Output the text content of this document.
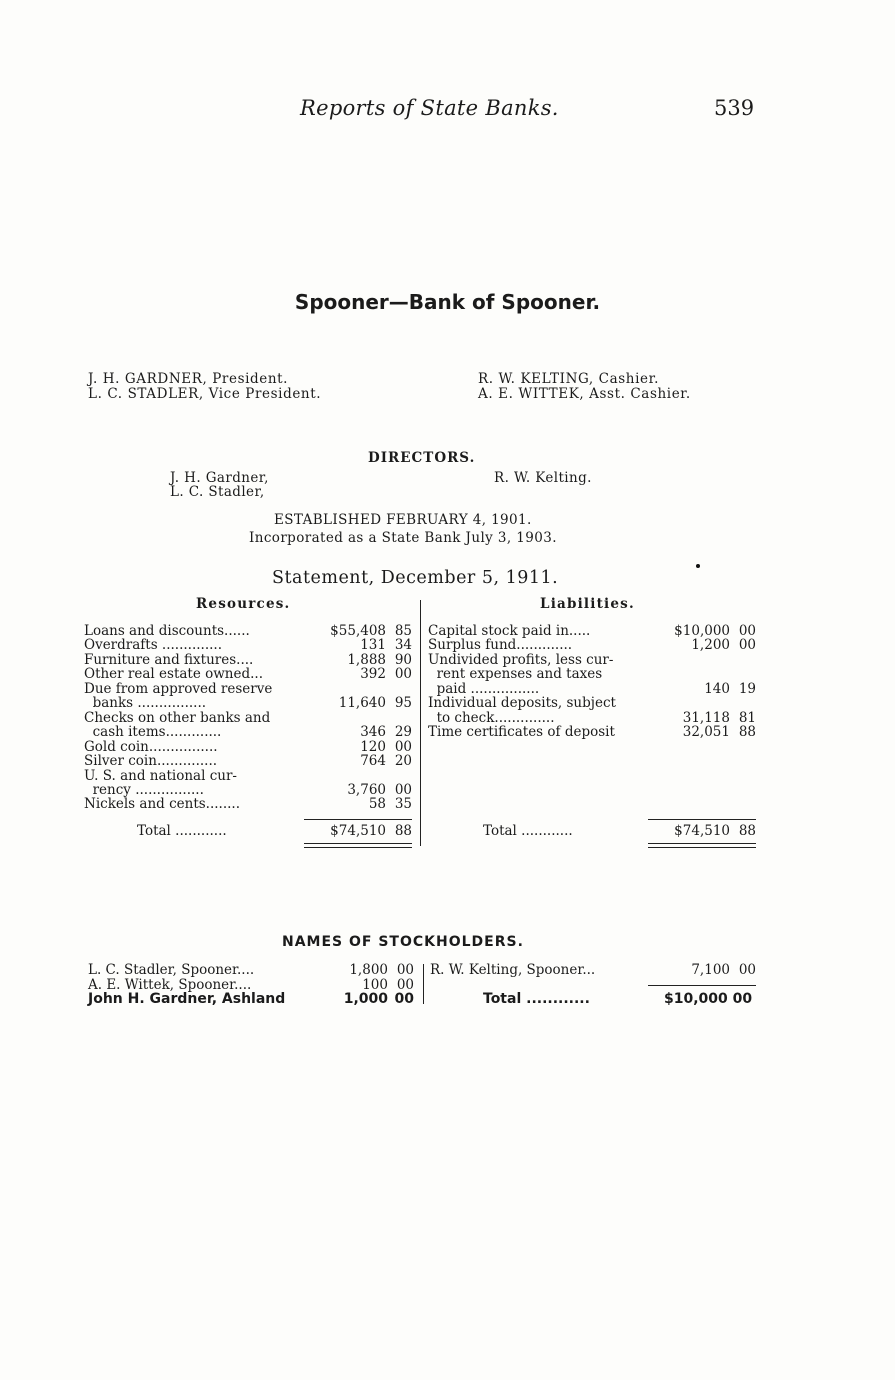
Reports of State Banks.	539
Spooner—Bank of Spooner.
J. H. GARDNER, President.
L. C. STADLER, Vice President.
R. W. KELTING, Cashier.
A. E. WITTEK, Asst. Cashier.
DIRECTORS.
J. H. Gardner,
L. C. Stadler,
R. W. Kelting.
ESTABLISHED FEBRUARY 4, 1901.
Incorporated as a State Bank July 3, 1903.
Statement, December 5, 1911.
Resources.	Liabilities.
Loans and discounts......	$55,408 85
Overdrafts ..............	131 34
Furniture and fixtures....	1,888 90
Other real estate owned...	392 00
Due from approved reserve
banks ................	11,640 95
Checks on other banks and
cash items.............	346 29
Gold coin................	120 00
Silver coin..............	764 20
U. S. and national cur-
rency ................	3,760 00
Nickels and cents........	58 35
Capital stock paid in.....	$10,000 00
Surplus fund.............	1,200 00
Undivided profits, less cur-
rent expenses and taxes
paid ................	140 19
Individual deposits, subject
to check..............	31,118 81
Time certificates of deposit	32,051 88
Total ............	$74,510 88	Total ............	$74,510 88
NAMES OF STOCKHOLDERS.
L. C. Stadler, Spooner....	1,800 00
A. E. Wittek, Spooner....	100 00
John H. Gardner, Ashland	1,000 00
R. W. Kelting, Spooner...	7,100 00
Total ............	$10,000 00
